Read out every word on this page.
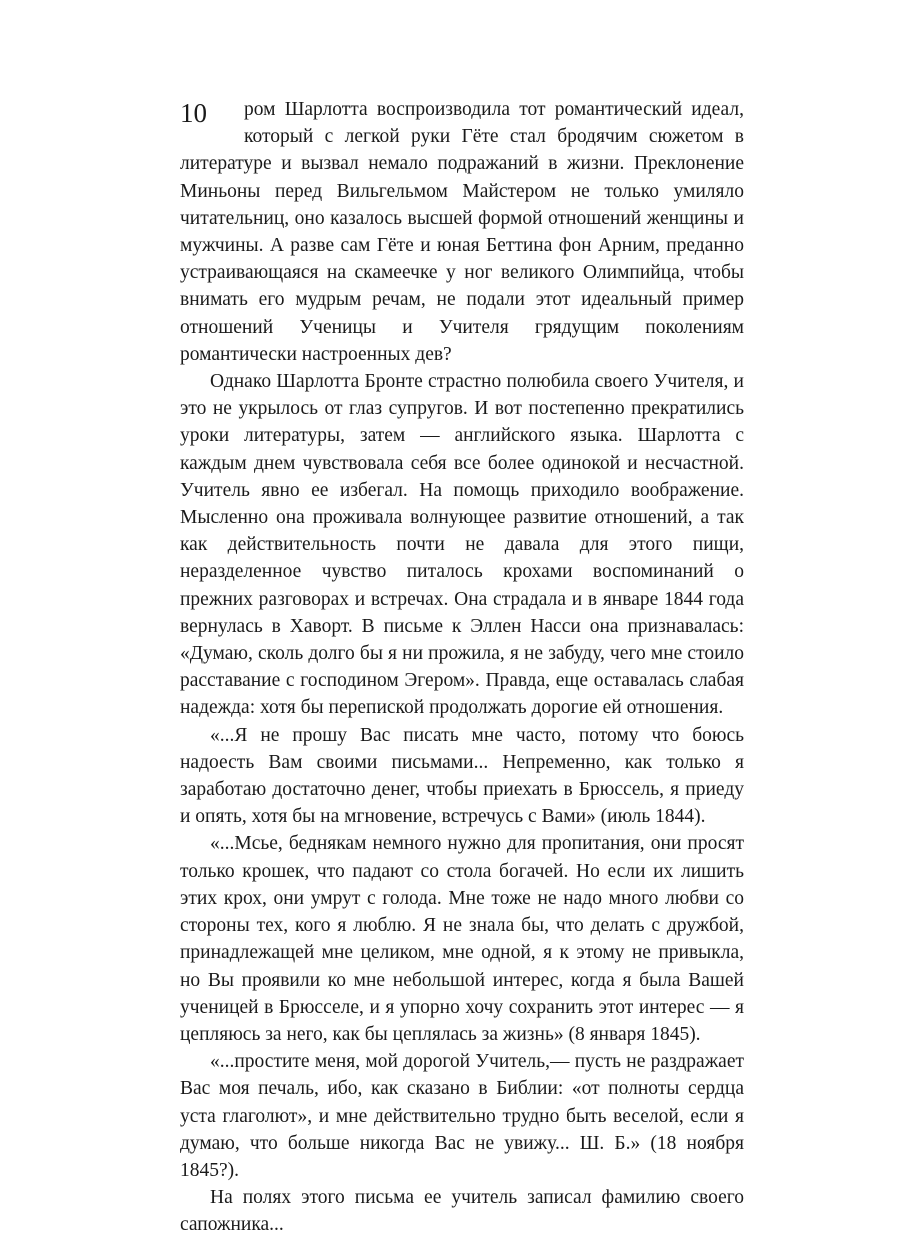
10	ром Шарлотта воспроизводила тот романтический идеал, который с легкой руки Гёте стал бродячим сюжетом в литературе и вызвал немало подражаний в жизни. Преклонение Миньоны перед Вильгельмом Майстером не только умиляло читательниц, оно казалось высшей формой отношений женщины и мужчины. А разве сам Гёте и юная Беттина фон Арним, преданно устраивающаяся на скамеечке у ног великого Олимпийца, чтобы внимать его мудрым речам, не подали этот идеальный пример отношений Ученицы и Учителя грядущим поколениям романтически настроенных дев?

Однако Шарлотта Бронте страстно полюбила своего Учителя, и это не укрылось от глаз супругов. И вот постепенно прекратились уроки литературы, затем — английского языка. Шарлотта с каждым днем чувствовала себя все более одинокой и несчастной. Учитель явно ее избегал. На помощь приходило воображение. Мысленно она проживала волнующее развитие отношений, а так как действительность почти не давала для этого пищи, неразделенное чувство питалось крохами воспоминаний о прежних разговорах и встречах. Она страдала и в январе 1844 года вернулась в Хаворт. В письме к Эллен Насси она признавалась: «Думаю, сколь долго бы я ни прожила, я не забуду, чего мне стоило расставание с господином Эгером». Правда, еще оставалась слабая надежда: хотя бы перепиской продолжать дорогие ей отношения.

«...Я не прошу Вас писать мне часто, потому что боюсь надоесть Вам своими письмами... Непременно, как только я заработаю достаточно денег, чтобы приехать в Брюссель, я приеду и опять, хотя бы на мгновение, встречусь с Вами» (июль 1844).

«...Мсье, беднякам немного нужно для пропитания, они просят только крошек, что падают со стола богачей. Но если их лишить этих крох, они умрут с голода. Мне тоже не надо много любви со стороны тех, кого я люблю. Я не знала бы, что делать с дружбой, принадлежащей мне целиком, мне одной, я к этому не привыкла, но Вы проявили ко мне небольшой интерес, когда я была Вашей ученицей в Брюсселе, и я упорно хочу сохранить этот интерес — я цепляюсь за него, как бы цеплялась за жизнь» (8 января 1845).

«...простите меня, мой дорогой Учитель,— пусть не раздражает Вас моя печаль, ибо, как сказано в Библии: «от полноты сердца уста глаголют», и мне действительно трудно быть веселой, если я думаю, что больше никогда Вас не увижу... Ш. Б.» (18 ноября 1845?).

На полях этого письма ее учитель записал фамилию своего сапожника...
